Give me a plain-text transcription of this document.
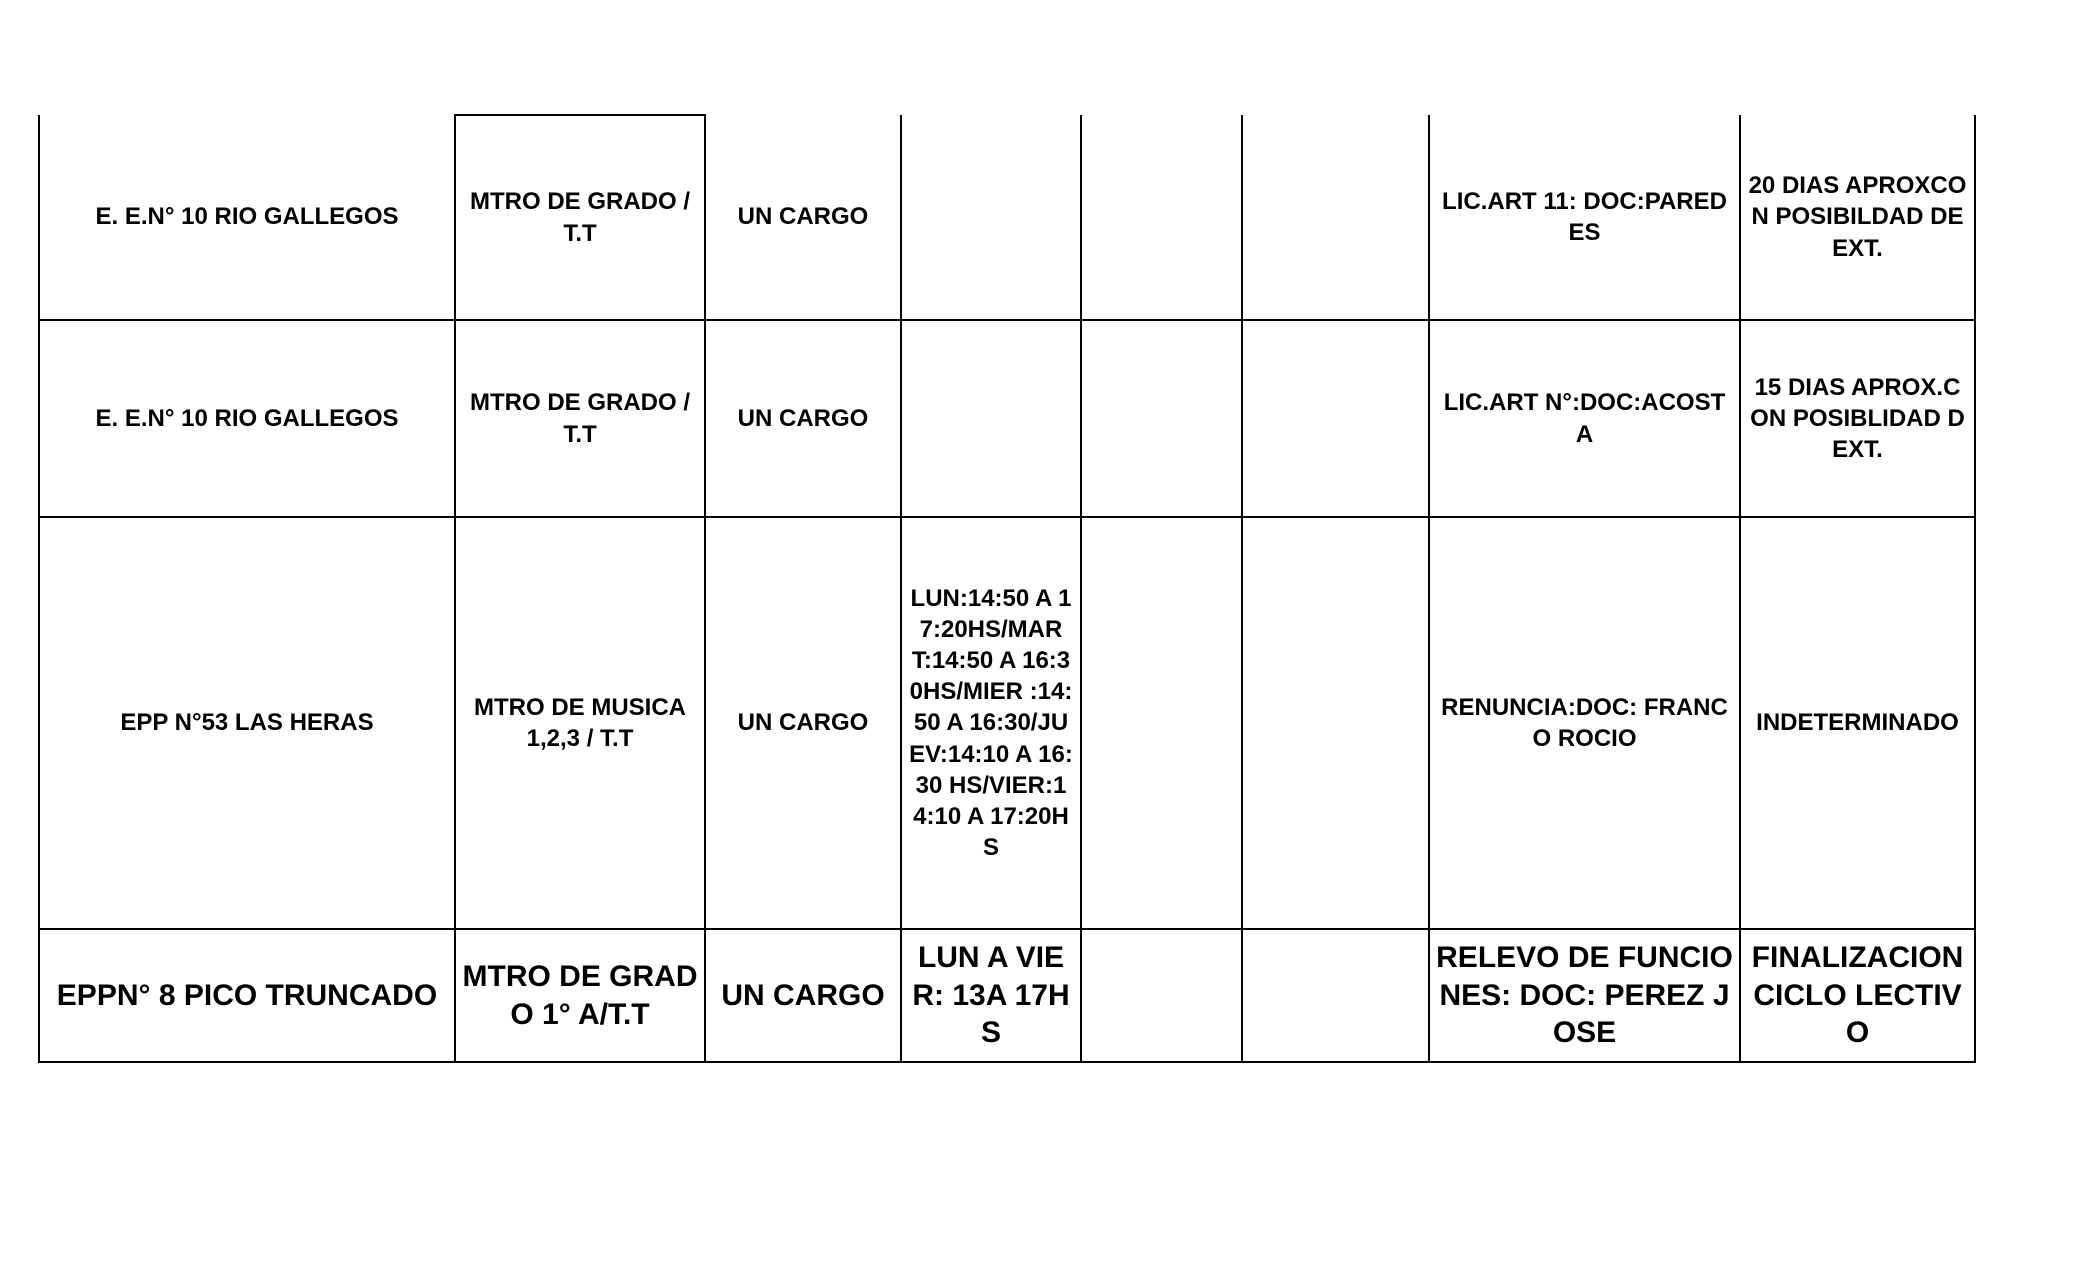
E. E.N° 10 RIO GALLEGOS	MTRO DE GRADO /T.T	UN CARGO				LIC.ART 11: DOC:PAREDES	20 DIAS APROXCON POSIBILDAD DE EXT.

E. E.N° 10 RIO GALLEGOS	MTRO DE GRADO /T.T	UN CARGO				LIC.ART N°:DOC:ACOSTA	15 DIAS APROX.CON POSIBLIDAD D EXT.

EPP N°53 LAS HERAS	MTRO DE MUSICA 1,2,3 / T.T	UN CARGO	LUN:14:50 A 17:20HS/MAR T:14:50 A 16:30HS/MIER :14:50 A 16:30/JUEV:14:10 A 16:30 HS/VIER:14:10 A 17:20HS			RENUNCIA:DOC: FRANCO ROCIO	INDETERMINADO

EPPN° 8 PICO TRUNCADO	MTRO DE GRADO 1° A/T.T	UN CARGO	LUN A VIER: 13A 17HS			RELEVO DE FUNCIONES: DOC: PEREZ JOSE	FINALIZACION CICLO LECTIVO
